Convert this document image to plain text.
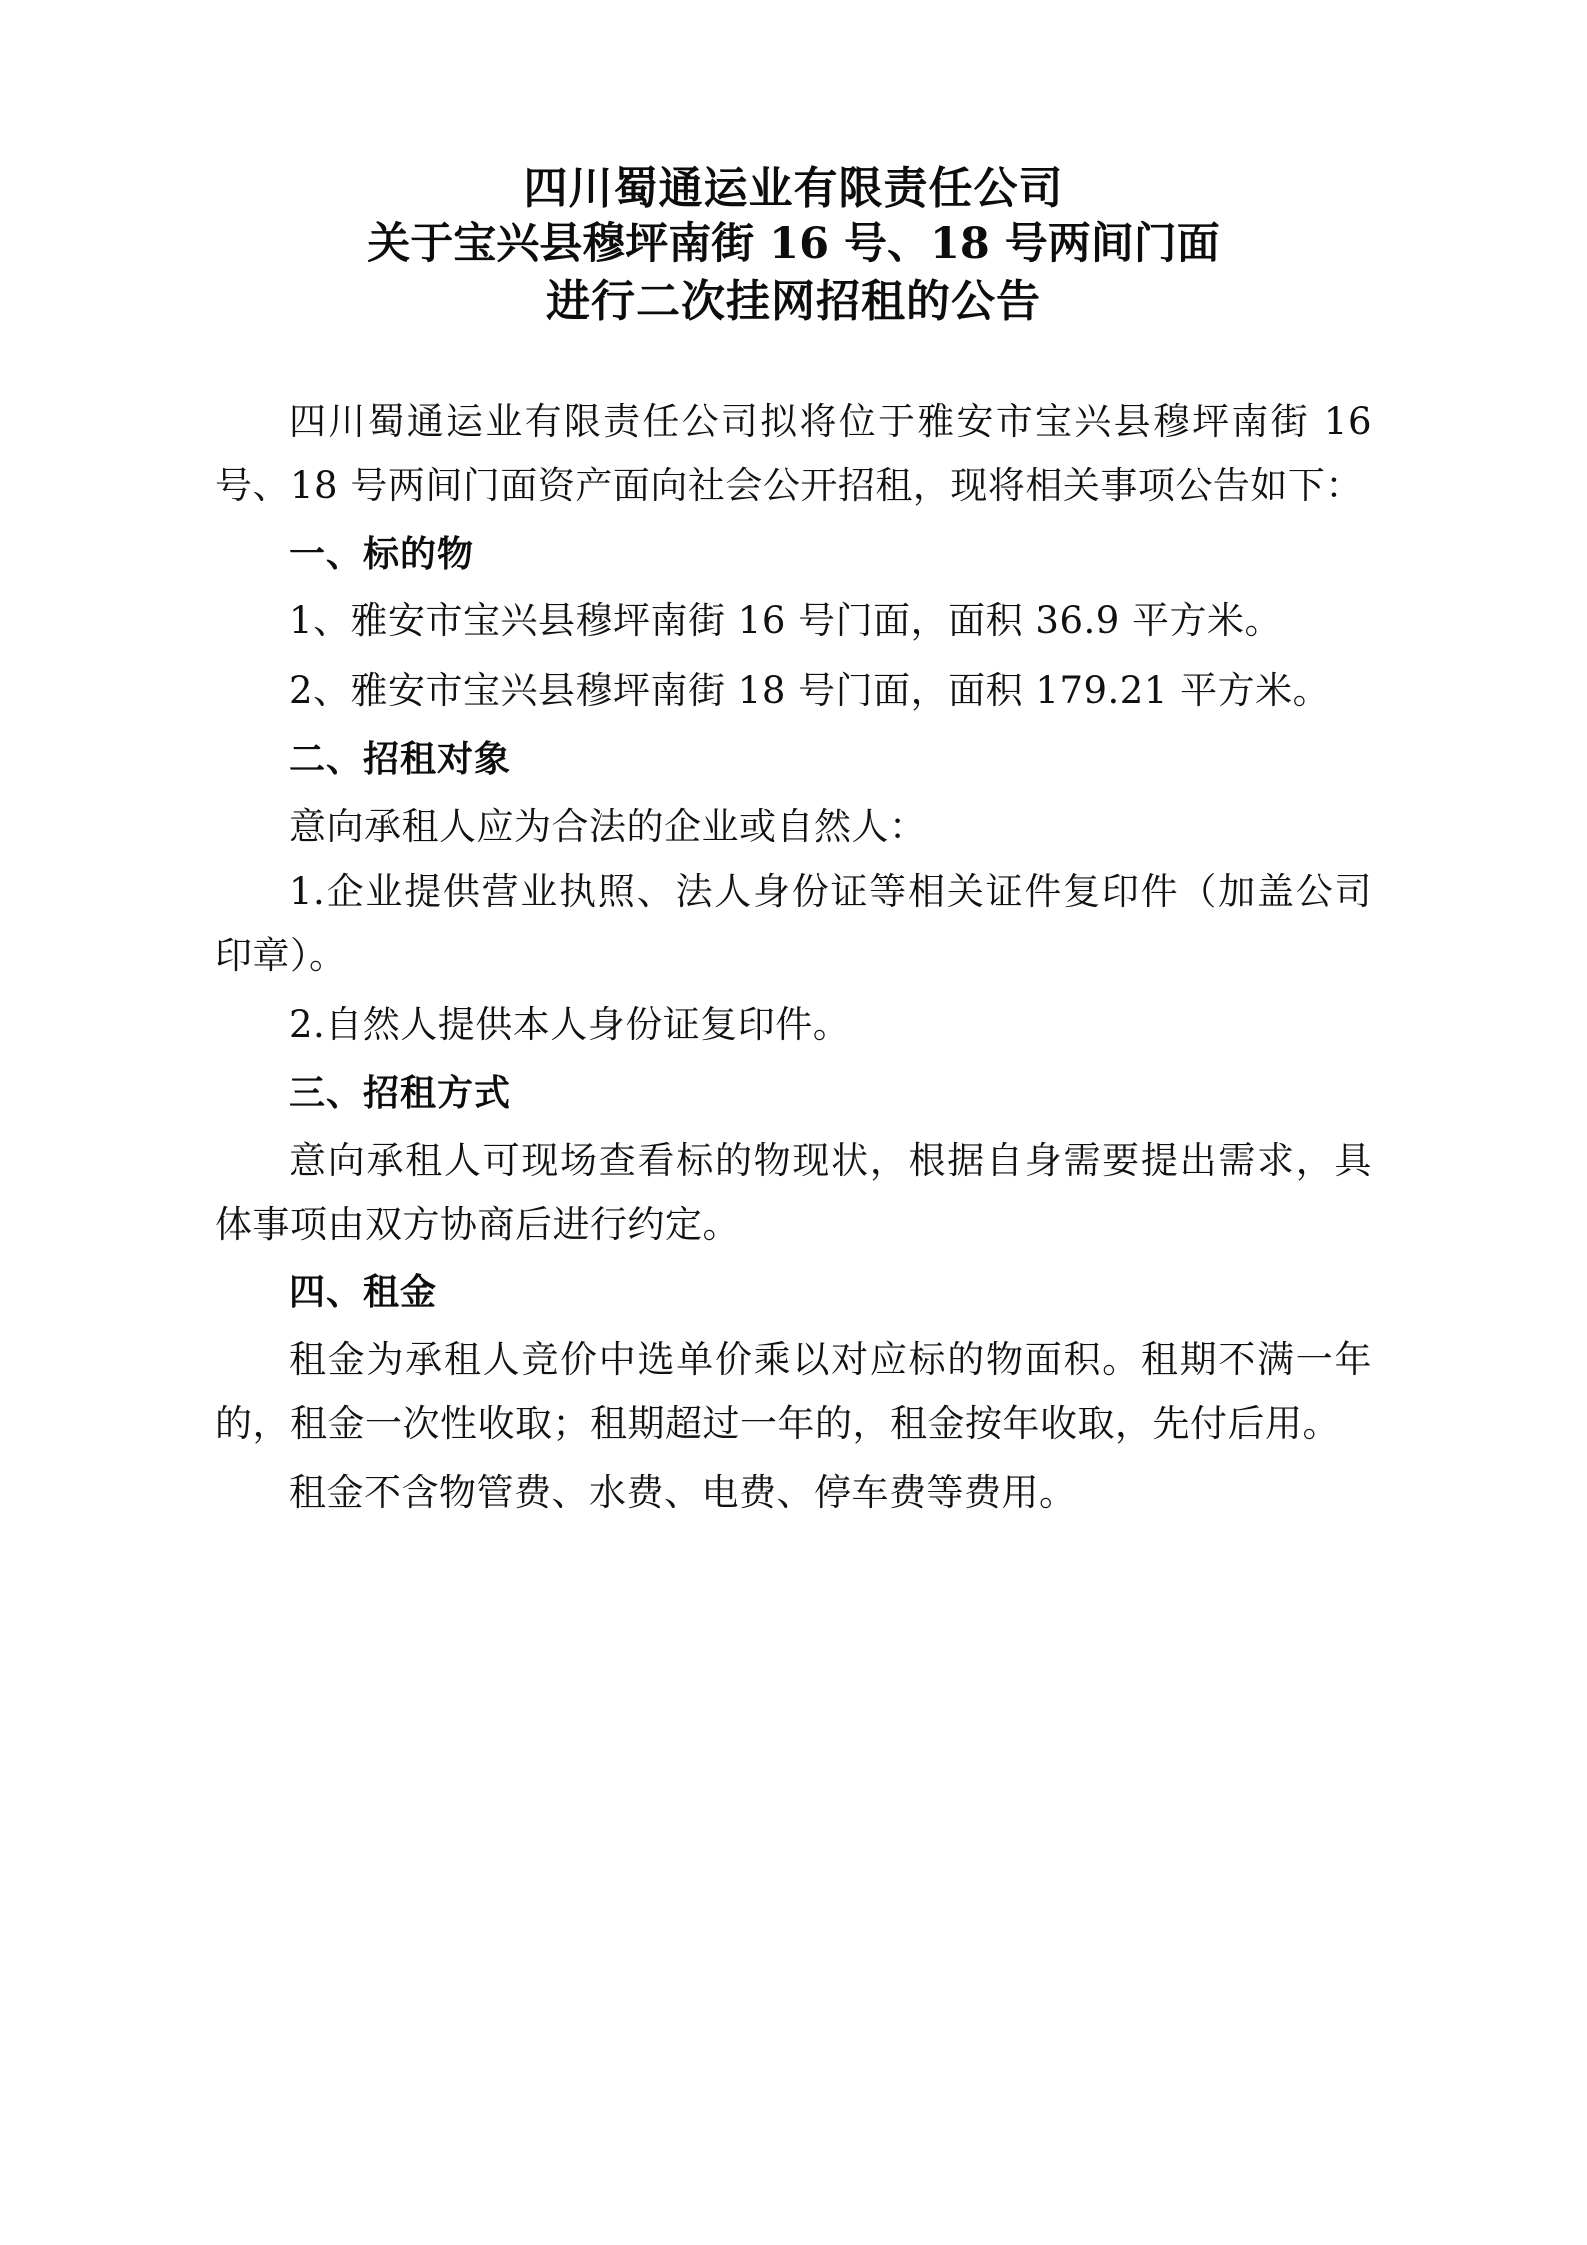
四川蜀通运业有限责任公司
关于宝兴县穆坪南街 16 号、18 号两间门面
进行二次挂网招租的公告

四川蜀通运业有限责任公司拟将位于雅安市宝兴县穆坪南街 16 号、18 号两间门面资产面向社会公开招租，现将相关事项公告如下：

一、标的物

1、雅安市宝兴县穆坪南街 16 号门面，面积 36.9 平方米。

2、雅安市宝兴县穆坪南街 18 号门面，面积 179.21 平方米。

二、招租对象

意向承租人应为合法的企业或自然人：

1.企业提供营业执照、法人身份证等相关证件复印件（加盖公司印章）。

2.自然人提供本人身份证复印件。

三、招租方式

意向承租人可现场查看标的物现状，根据自身需要提出需求，具体事项由双方协商后进行约定。

四、租金

租金为承租人竞价中选单价乘以对应标的物面积。租期不满一年的，租金一次性收取；租期超过一年的，租金按年收取，先付后用。

租金不含物管费、水费、电费、停车费等费用。
